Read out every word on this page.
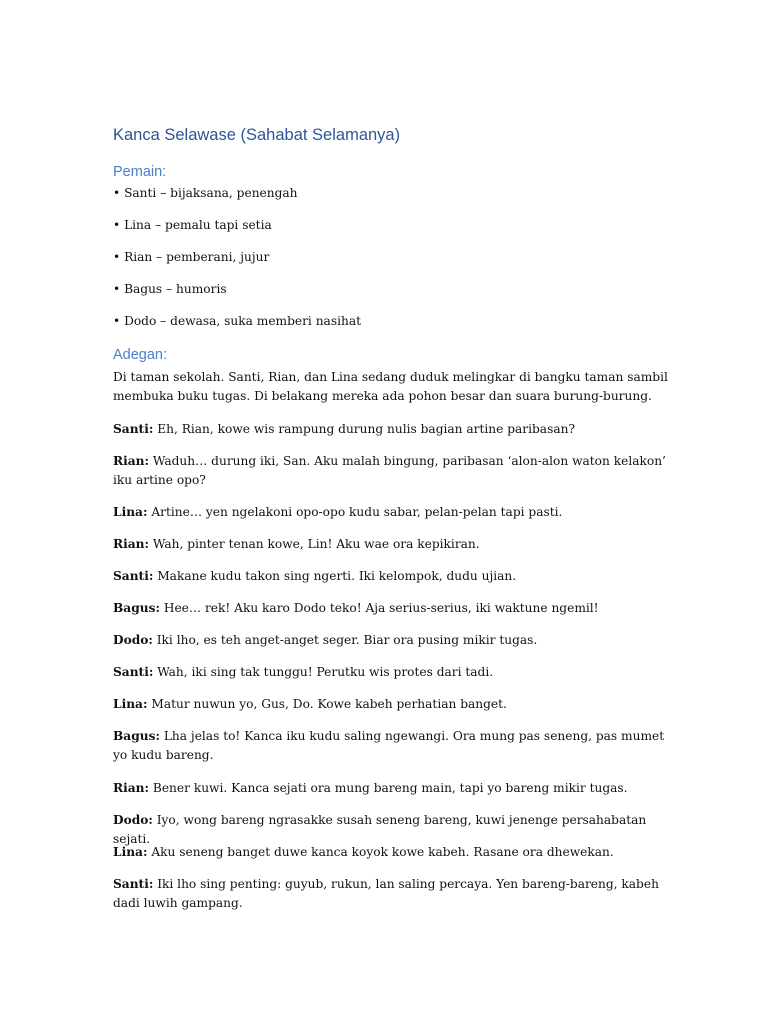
Kanca Selawase (Sahabat Selamanya)
Pemain:
• Santi – bijaksana, penengah
• Lina – pemalu tapi setia
• Rian – pemberani, jujur
• Bagus – humoris
• Dodo – dewasa, suka memberi nasihat
Adegan:
Di taman sekolah. Santi, Rian, dan Lina sedang duduk melingkar di bangku taman sambil membuka buku tugas. Di belakang mereka ada pohon besar dan suara burung-burung.
Santi: Eh, Rian, kowe wis rampung durung nulis bagian artine paribasan?
Rian: Waduh… durung iki, San. Aku malah bingung, paribasan ‘alon-alon waton kelakon’ iku artine opo?
Lina: Artine… yen ngelakoni opo-opo kudu sabar, pelan-pelan tapi pasti.
Rian: Wah, pinter tenan kowe, Lin! Aku wae ora kepikiran.
Santi: Makane kudu takon sing ngerti. Iki kelompok, dudu ujian.
Bagus: Hee… rek! Aku karo Dodo teko! Aja serius-serius, iki waktune ngemil!
Dodo: Iki lho, es teh anget-anget seger. Biar ora pusing mikir tugas.
Santi: Wah, iki sing tak tunggu! Perutku wis protes dari tadi.
Lina: Matur nuwun yo, Gus, Do. Kowe kabeh perhatian banget.
Bagus: Lha jelas to! Kanca iku kudu saling ngewangi. Ora mung pas seneng, pas mumet yo kudu bareng.
Rian: Bener kuwi. Kanca sejati ora mung bareng main, tapi yo bareng mikir tugas.
Dodo: Iyo, wong bareng ngrasakke susah seneng bareng, kuwi jenenge persahabatan sejati.
Lina: Aku seneng banget duwe kanca koyok kowe kabeh. Rasane ora dhewekan.
Santi: Iki lho sing penting: guyub, rukun, lan saling percaya. Yen bareng-bareng, kabeh dadi luwih gampang.
